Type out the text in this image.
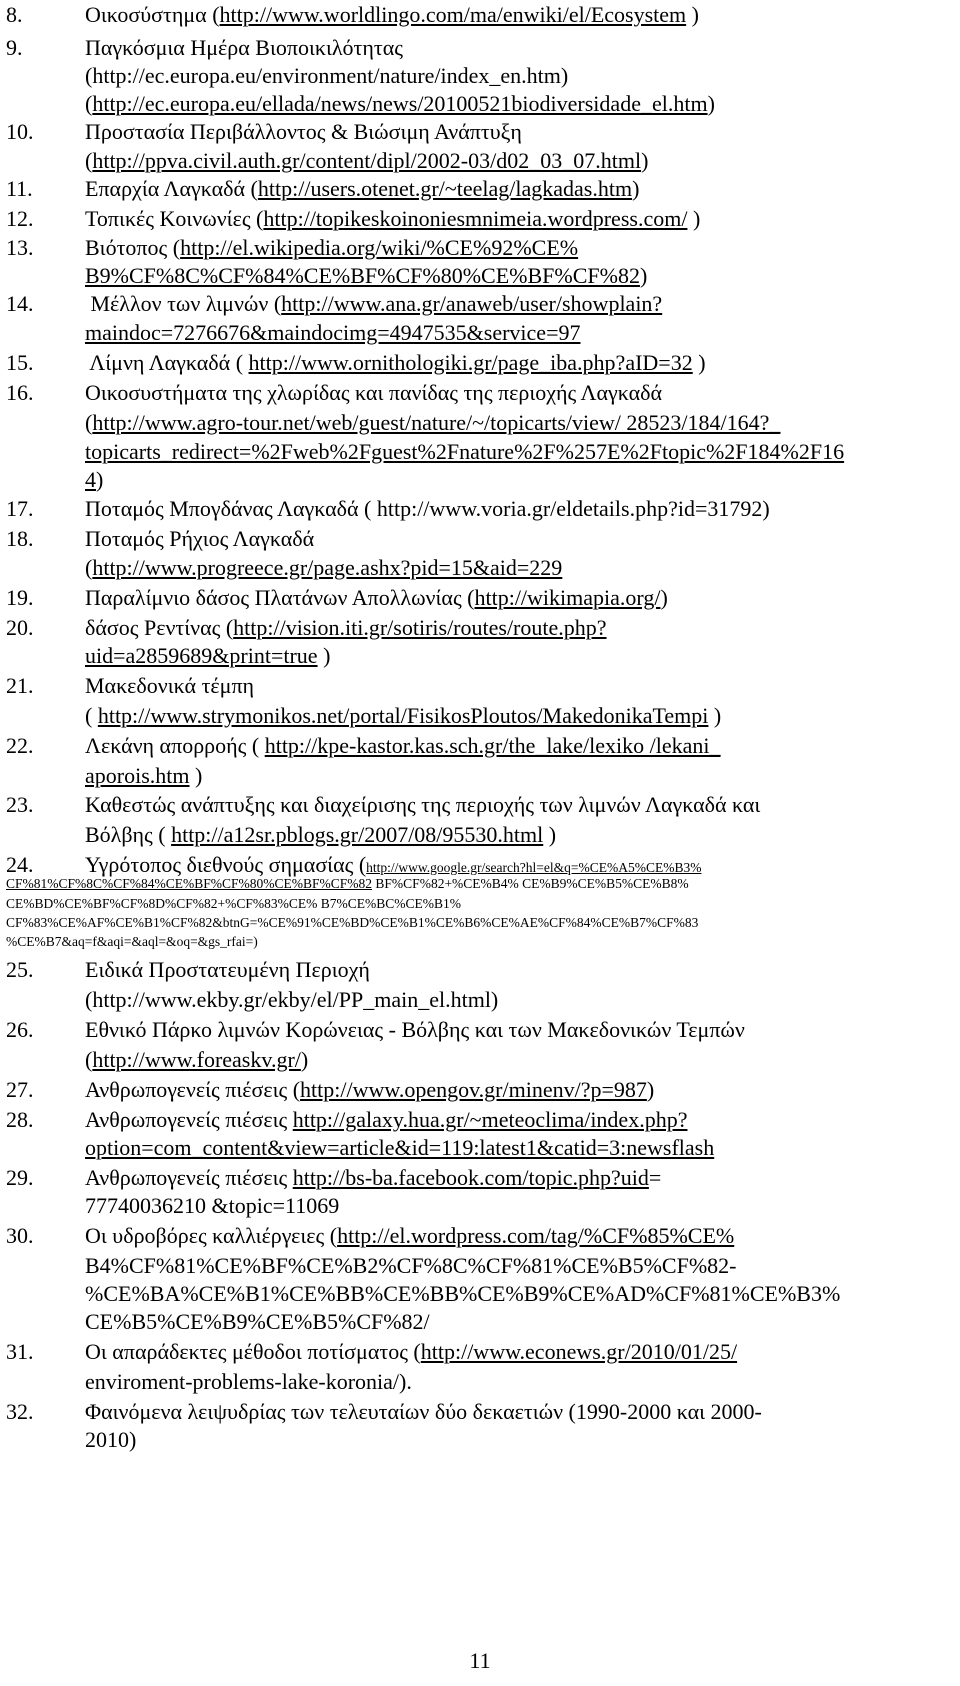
8.	Οικοσύστημα (http://www.worldlingo.com/ma/enwiki/el/Ecosystem )
9.	Παγκόσμια Ημέρα Βιοποικιλότητας
(http://ec.europa.eu/environment/nature/index_en.htm)
(http://ec.europa.eu/ellada/news/news/20100521biodiversidade_el.htm)
10. Προστασία Περιβάλλοντος & Βιώσιμη Ανάπτυξη
(http://ppva.civil.auth.gr/content/dipl/2002-03/d02_03_07.html)
11. Επαρχία Λαγκαδά (http://users.otenet.gr/~teelag/lagkadas.htm)
12. Τοπικές Κοινωνίες (http://topikeskoinoniesmnimeia.wordpress.com/ )
13. Βιότοπος (http://el.wikipedia.org/wiki/%CE%92%CE%
B9%CF%8C%CF%84%CE%BF%CF%80%CE%BF%CF%82)
14. Μέλλον των λιμνών (http://www.ana.gr/anaweb/user/showplain?
maindoc=7276676&maindocimg=4947535&service=97
15. Λίμνη Λαγκαδά ( http://www.ornithologiki.gr/page_iba.php?aID=32 )
16. Οικοσυστήματα της χλωρίδας και πανίδας της περιοχής Λαγκαδά
(http://www.agro-tour.net/web/guest/nature/~/topicarts/view/ 28523/184/164?_
topicarts_redirect=%2Fweb%2Fguest%2Fnature%2F%257E%2Ftopic%2F184%2F16
4)
17. Ποταμός Μπογδάνας Λαγκαδά ( http://www.voria.gr/eldetails.php?id=31792)
18. Ποταμός Ρήχιος Λαγκαδά
(http://www.progreece.gr/page.ashx?pid=15&aid=229
19. Παραλίμνιο δάσος Πλατάνων Απολλωνίας (http://wikimapia.org/)
20. δάσος Ρεντίνας (http://vision.iti.gr/sotiris/routes/route.php?
uid=a2859689&print=true )
21. Μακεδονικά τέμπη
( http://www.strymonikos.net/portal/FisikosPloutos/MakedonikaTempi )
22. Λεκάνη απορροής ( http://kpe-kastor.kas.sch.gr/the_lake/lexiko /lekani_
aporois.htm )
23. Καθεστώς ανάπτυξης και διαχείρισης της περιοχής των λιμνών Λαγκαδά και
Βόλβης ( http://a12sr.pblogs.gr/2007/08/95530.html )
24. Υγρότοπος διεθνούς σημασίας (http://www.google.gr/search?hl=el&q=%CE%A5%CE%B3%
CF%81%CF%8C%CF%84%CE%BF%CF%80%CE%BF%CF%82 BF%CF%82+%CE%B4% CE%B9%CE%B5%CE%B8%
CE%BD%CE%BF%CF%8D%CF%82+%CF%83%CE% B7%CE%BC%CE%B1%
CF%83%CE%AF%CE%B1%CF%82&btnG=%CE%91%CE%BD%CE%B1%CE%B6%CE%AE%CF%84%CE%B7%CF%83
%CE%B7&aq=f&aqi=&aql=&oq=&gs_rfai=)
25. Ειδικά Προστατευμένη Περιοχή
(http://www.ekby.gr/ekby/el/PP_main_el.html)
26. Εθνικό Πάρκο λιμνών Κορώνειας - Βόλβης και των Μακεδονικών Τεμπών
(http://www.foreaskv.gr/)
27. Ανθρωπογενείς πιέσεις (http://www.opengov.gr/minenv/?p=987)
28. Ανθρωπογενείς πιέσεις http://galaxy.hua.gr/~meteoclima/index.php?
option=com_content&view=article&id=119:latest1&catid=3:newsflash
29. Ανθρωπογενείς πιέσεις http://bs-ba.facebook.com/topic.php?uid=
77740036210 &topic=11069
30. Οι υδροβόρες καλλιέργειες (http://el.wordpress.com/tag/%CF%85%CE%
B4%CF%81%CE%BF%CE%B2%CF%8C%CF%81%CE%B5%CF%82-
%CE%BA%CE%B1%CE%BB%CE%BB%CE%B9%CE%AD%CF%81%CE%B3%
CE%B5%CE%B9%CE%B5%CF%82/
31. Οι απαράδεκτες μέθοδοι ποτίσματος (http://www.econews.gr/2010/01/25/
enviroment-problems-lake-koronia/).
32. Φαινόμενα λειψυδρίας των τελευταίων δύο δεκαετιών (1990-2000 και 2000-
2010)
11
